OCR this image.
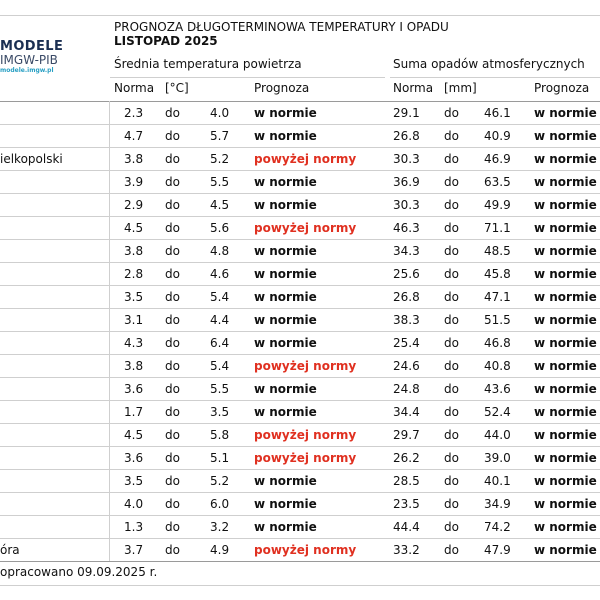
MODELE
IMGW-PIB
modele.imgw.pl
PROGNOZA DŁUGOTERMINOWA TEMPERATURY I OPADU
LISTOPAD 2025
Średnia temperatura powietrza	Suma opadów atmosferycznych
Norma [°C]	Prognoza	Norma [mm]	Prognoza
2.3 do	4.0 w normie	29.1 do 46.1 w normie
4.7 do	5.7 w normie	26.8 do 40.9 w normie
ielkopolski	3.8 do	5.2 powyżej normy	30.3 do 46.9 w normie
3.9 do	5.5 w normie	36.9 do 63.5 w normie
2.9 do	4.5 w normie	30.3 do 49.9 w normie
4.5 do	5.6 powyżej normy	46.3 do 71.1 w normie
3.8 do	4.8 w normie	34.3 do 48.5 w normie
2.8 do	4.6 w normie	25.6 do 45.8 w normie
3.5 do	5.4 w normie	26.8 do 47.1 w normie
3.1 do	4.4 w normie	38.3 do 51.5 w normie
4.3 do	6.4 w normie	25.4 do 46.8 w normie
3.8 do	5.4 powyżej normy	24.6 do 40.8 w normie
3.6 do	5.5 w normie	24.8 do 43.6 w normie
1.7 do	3.5 w normie	34.4 do 52.4 w normie
4.5 do	5.8 powyżej normy	29.7 do 44.0 w normie
3.6 do	5.1 powyżej normy	26.2 do 39.0 w normie
3.5 do	5.2 w normie	28.5 do 40.1 w normie
4.0 do	6.0 w normie	23.5 do 34.9 w normie
1.3 do	3.2 w normie	44.4 do 74.2 w normie
óra	3.7 do	4.9 powyżej normy	33.2 do 47.9 w normie
opracowano 09.09.2025 r.
